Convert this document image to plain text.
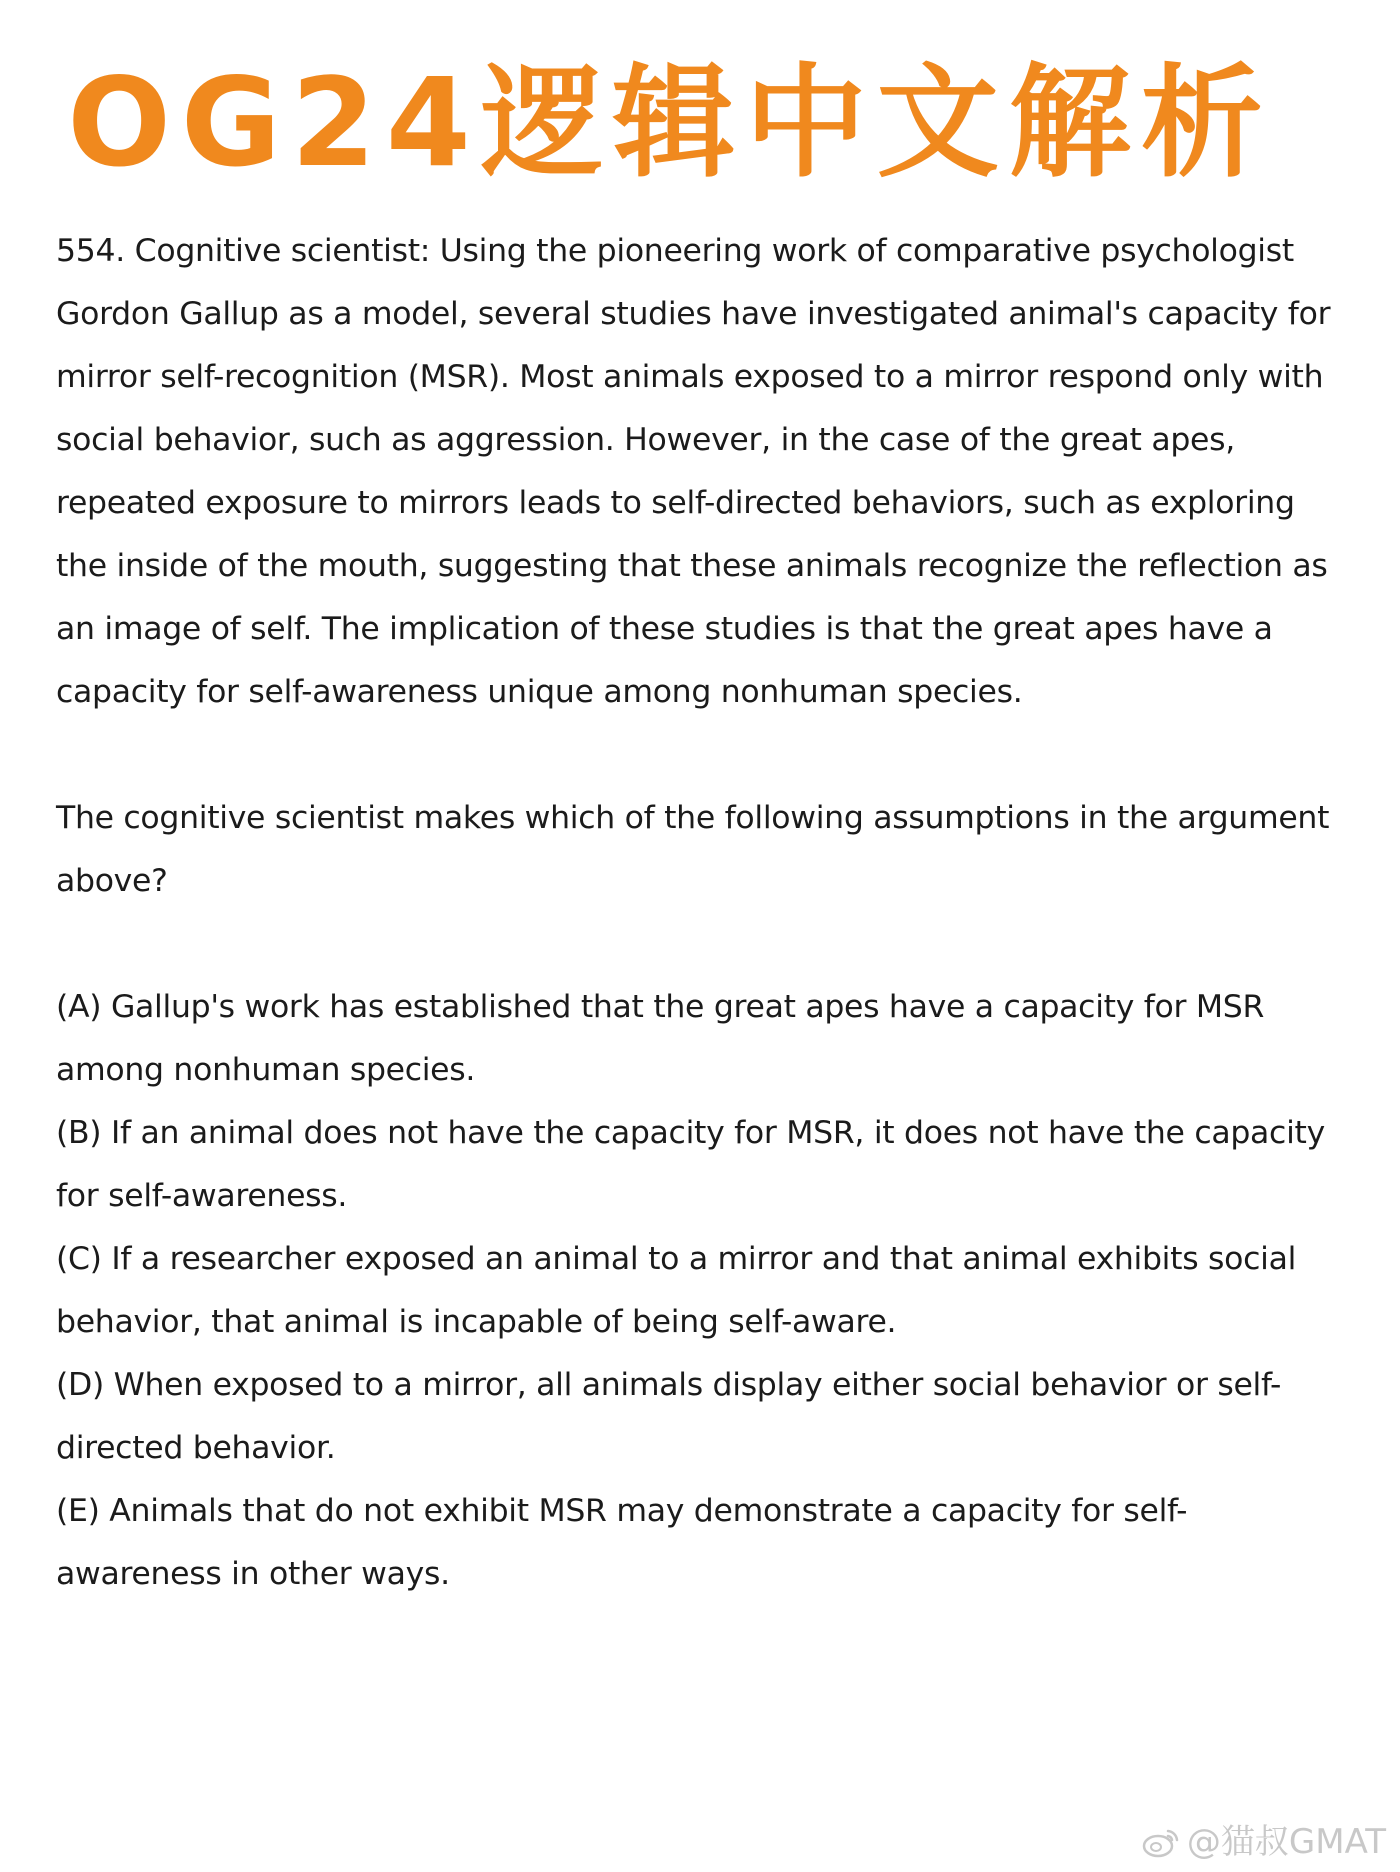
OG24逻辑中文解析

554. Cognitive scientist: Using the pioneering work of comparative psychologist Gordon Gallup as a model, several studies have investigated animal's capacity for mirror self-recognition (MSR). Most animals exposed to a mirror respond only with social behavior, such as aggression. However, in the case of the great apes, repeated exposure to mirrors leads to self-directed behaviors, such as exploring the inside of the mouth, suggesting that these animals recognize the reflection as an image of self. The implication of these studies is that the great apes have a capacity for self-awareness unique among nonhuman species.

The cognitive scientist makes which of the following assumptions in the argument above?

(A) Gallup's work has established that the great apes have a capacity for MSR among nonhuman species.
(B) If an animal does not have the capacity for MSR, it does not have the capacity for self-awareness.
(C) If a researcher exposed an animal to a mirror and that animal exhibits social behavior, that animal is incapable of being self-aware.
(D) When exposed to a mirror, all animals display either social behavior or self-directed behavior.
(E) Animals that do not exhibit MSR may demonstrate a capacity for self-awareness in other ways.
@猫叔GMAT
